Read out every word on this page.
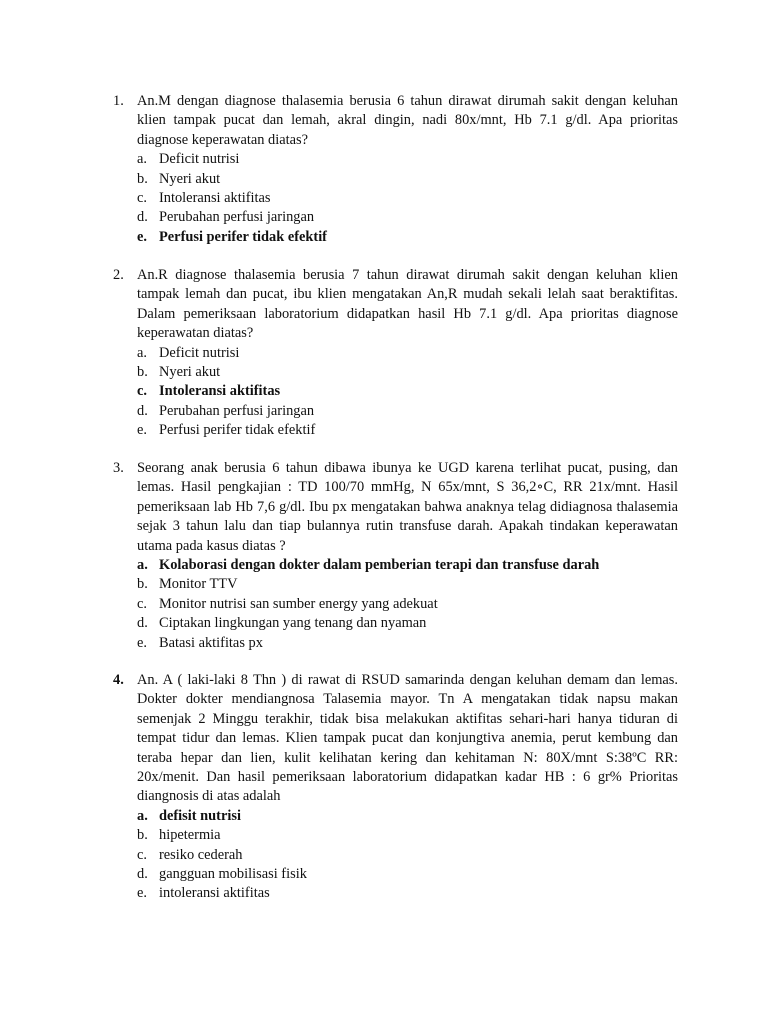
1. An.M dengan diagnose thalasemia berusia 6 tahun dirawat dirumah sakit dengan keluhan klien tampak pucat dan lemah, akral dingin, nadi 80x/mnt, Hb 7.1 g/dl. Apa prioritas diagnose keperawatan diatas?
a. Deficit nutrisi
b. Nyeri akut
c. Intoleransi aktifitas
d. Perubahan perfusi jaringan
e. Perfusi perifer tidak efektif
2. An.R diagnose thalasemia berusia 7 tahun dirawat dirumah sakit dengan keluhan klien tampak lemah dan pucat, ibu klien mengatakan An,R mudah sekali lelah saat beraktifitas. Dalam pemeriksaan laboratorium didapatkan hasil Hb 7.1 g/dl. Apa prioritas diagnose keperawatan diatas?
a. Deficit nutrisi
b. Nyeri akut
c. Intoleransi aktifitas
d. Perubahan perfusi jaringan
e. Perfusi perifer tidak efektif
3. Seorang anak berusia 6 tahun dibawa ibunya ke UGD karena terlihat pucat, pusing, dan lemas. Hasil pengkajian : TD 100/70 mmHg, N 65x/mnt, S 36,2∘C, RR 21x/mnt. Hasil pemeriksaan lab Hb 7,6 g/dl. Ibu px mengatakan bahwa anaknya telag didiagnosa thalasemia sejak 3 tahun lalu dan tiap bulannya rutin transfuse darah. Apakah tindakan keperawatan utama pada kasus diatas ?
a. Kolaborasi dengan dokter dalam pemberian terapi dan transfuse darah
b. Monitor TTV
c. Monitor nutrisi san sumber energy yang adekuat
d. Ciptakan lingkungan yang tenang dan nyaman
e. Batasi aktifitas px
4. An. A ( laki-laki 8 Thn ) di rawat di RSUD samarinda dengan keluhan demam dan lemas. Dokter dokter mendiangnosa Talasemia mayor. Tn A mengatakan tidak napsu makan semenjak 2 Minggu terakhir, tidak bisa melakukan aktifitas sehari-hari hanya tiduran di tempat tidur dan lemas. Klien tampak pucat dan konjungtiva anemia, perut kembung dan teraba hepar dan lien, kulit kelihatan kering dan kehitaman N: 80X/mnt S:38ºC RR: 20x/menit. Dan hasil pemeriksaan laboratorium didapatkan kadar HB : 6 gr% Prioritas diangnosis di atas adalah
a. defisit nutrisi
b. hipetermia
c. resiko cederah
d. gangguan mobilisasi fisik
e. intoleransi aktifitas
